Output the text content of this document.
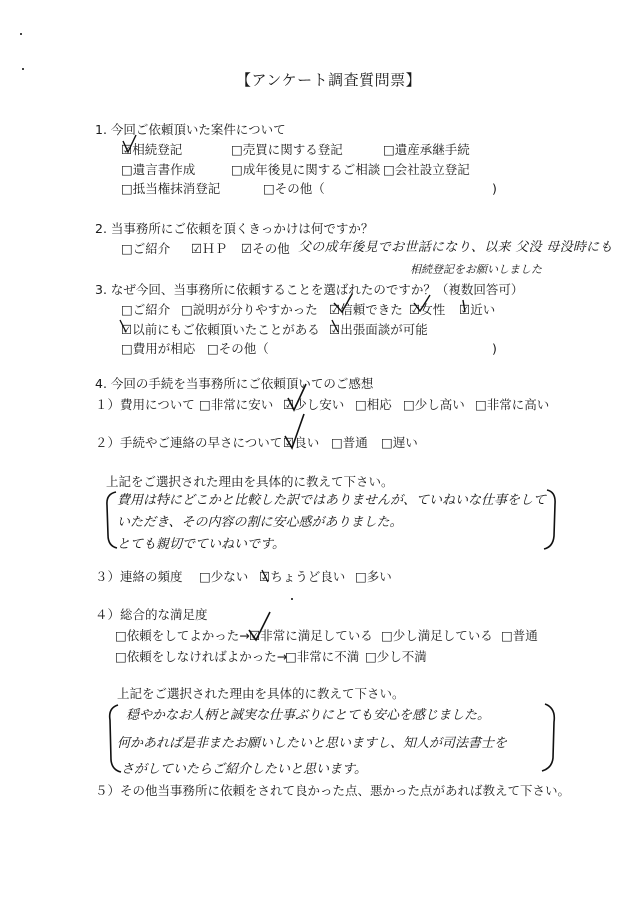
【アンケート調査質問票】
1. 今回ご依頼頂いた案件について
☑相続登記	□売買に関する登記	□遺産承継手続
□遺言書作成	□成年後見に関するご相談 □会社設立登記
□抵当権抹消登記	□その他（	)
2. 当事務所にご依頼を頂くきっかけは何ですか？
□ご紹介 ☑ＨＰ ☑その他 父の成年後見でお世話になり、以来 父没 母没時にも
相続登記をお願いしました
3. なぜ今回、当事務所に依頼することを選ばれたのですか？（複数回答可）
□ご紹介 □説明が分りやすかった ☑信頼できた ☑女性 ☑近い
☑以前にもご依頼頂いたことがある ☑出張面談が可能
□費用が相応 □その他（	)
4. 今回の手続を当事務所にご依頼頂いてのご感想
１）費用について □非常に安い ☑少し安い □相応 □少し高い □非常に高い
２）手続やご連絡の早さについて ☑良い □普通 □遅い
上記をご選択された理由を具体的に教えて下さい。
費用は特にどこかと比較した訳ではありませんが、ていねいな仕事をして
いただき、その内容の割に安心感がありました。
とても親切でていねいです。
３）連絡の頻度 □少ない ☑ちょうど良い □多い
４）総合的な満足度
□依頼をしてよかった→ ☑非常に満足している □少し満足している □普通
□依頼をしなければよかった→
□非常に不満 □少し不満
上記をご選択された理由を具体的に教えて下さい。
穏やかなお人柄と誠実な仕事ぶりにとても安心を感じました。
何かあれば是非またお願いしたいと思いますし、知人が司法書士を
さがしていたらご紹介したいと思います。
５）その他当事務所に依頼をされて良かった点、悪かった点があれば教えて下さい。
